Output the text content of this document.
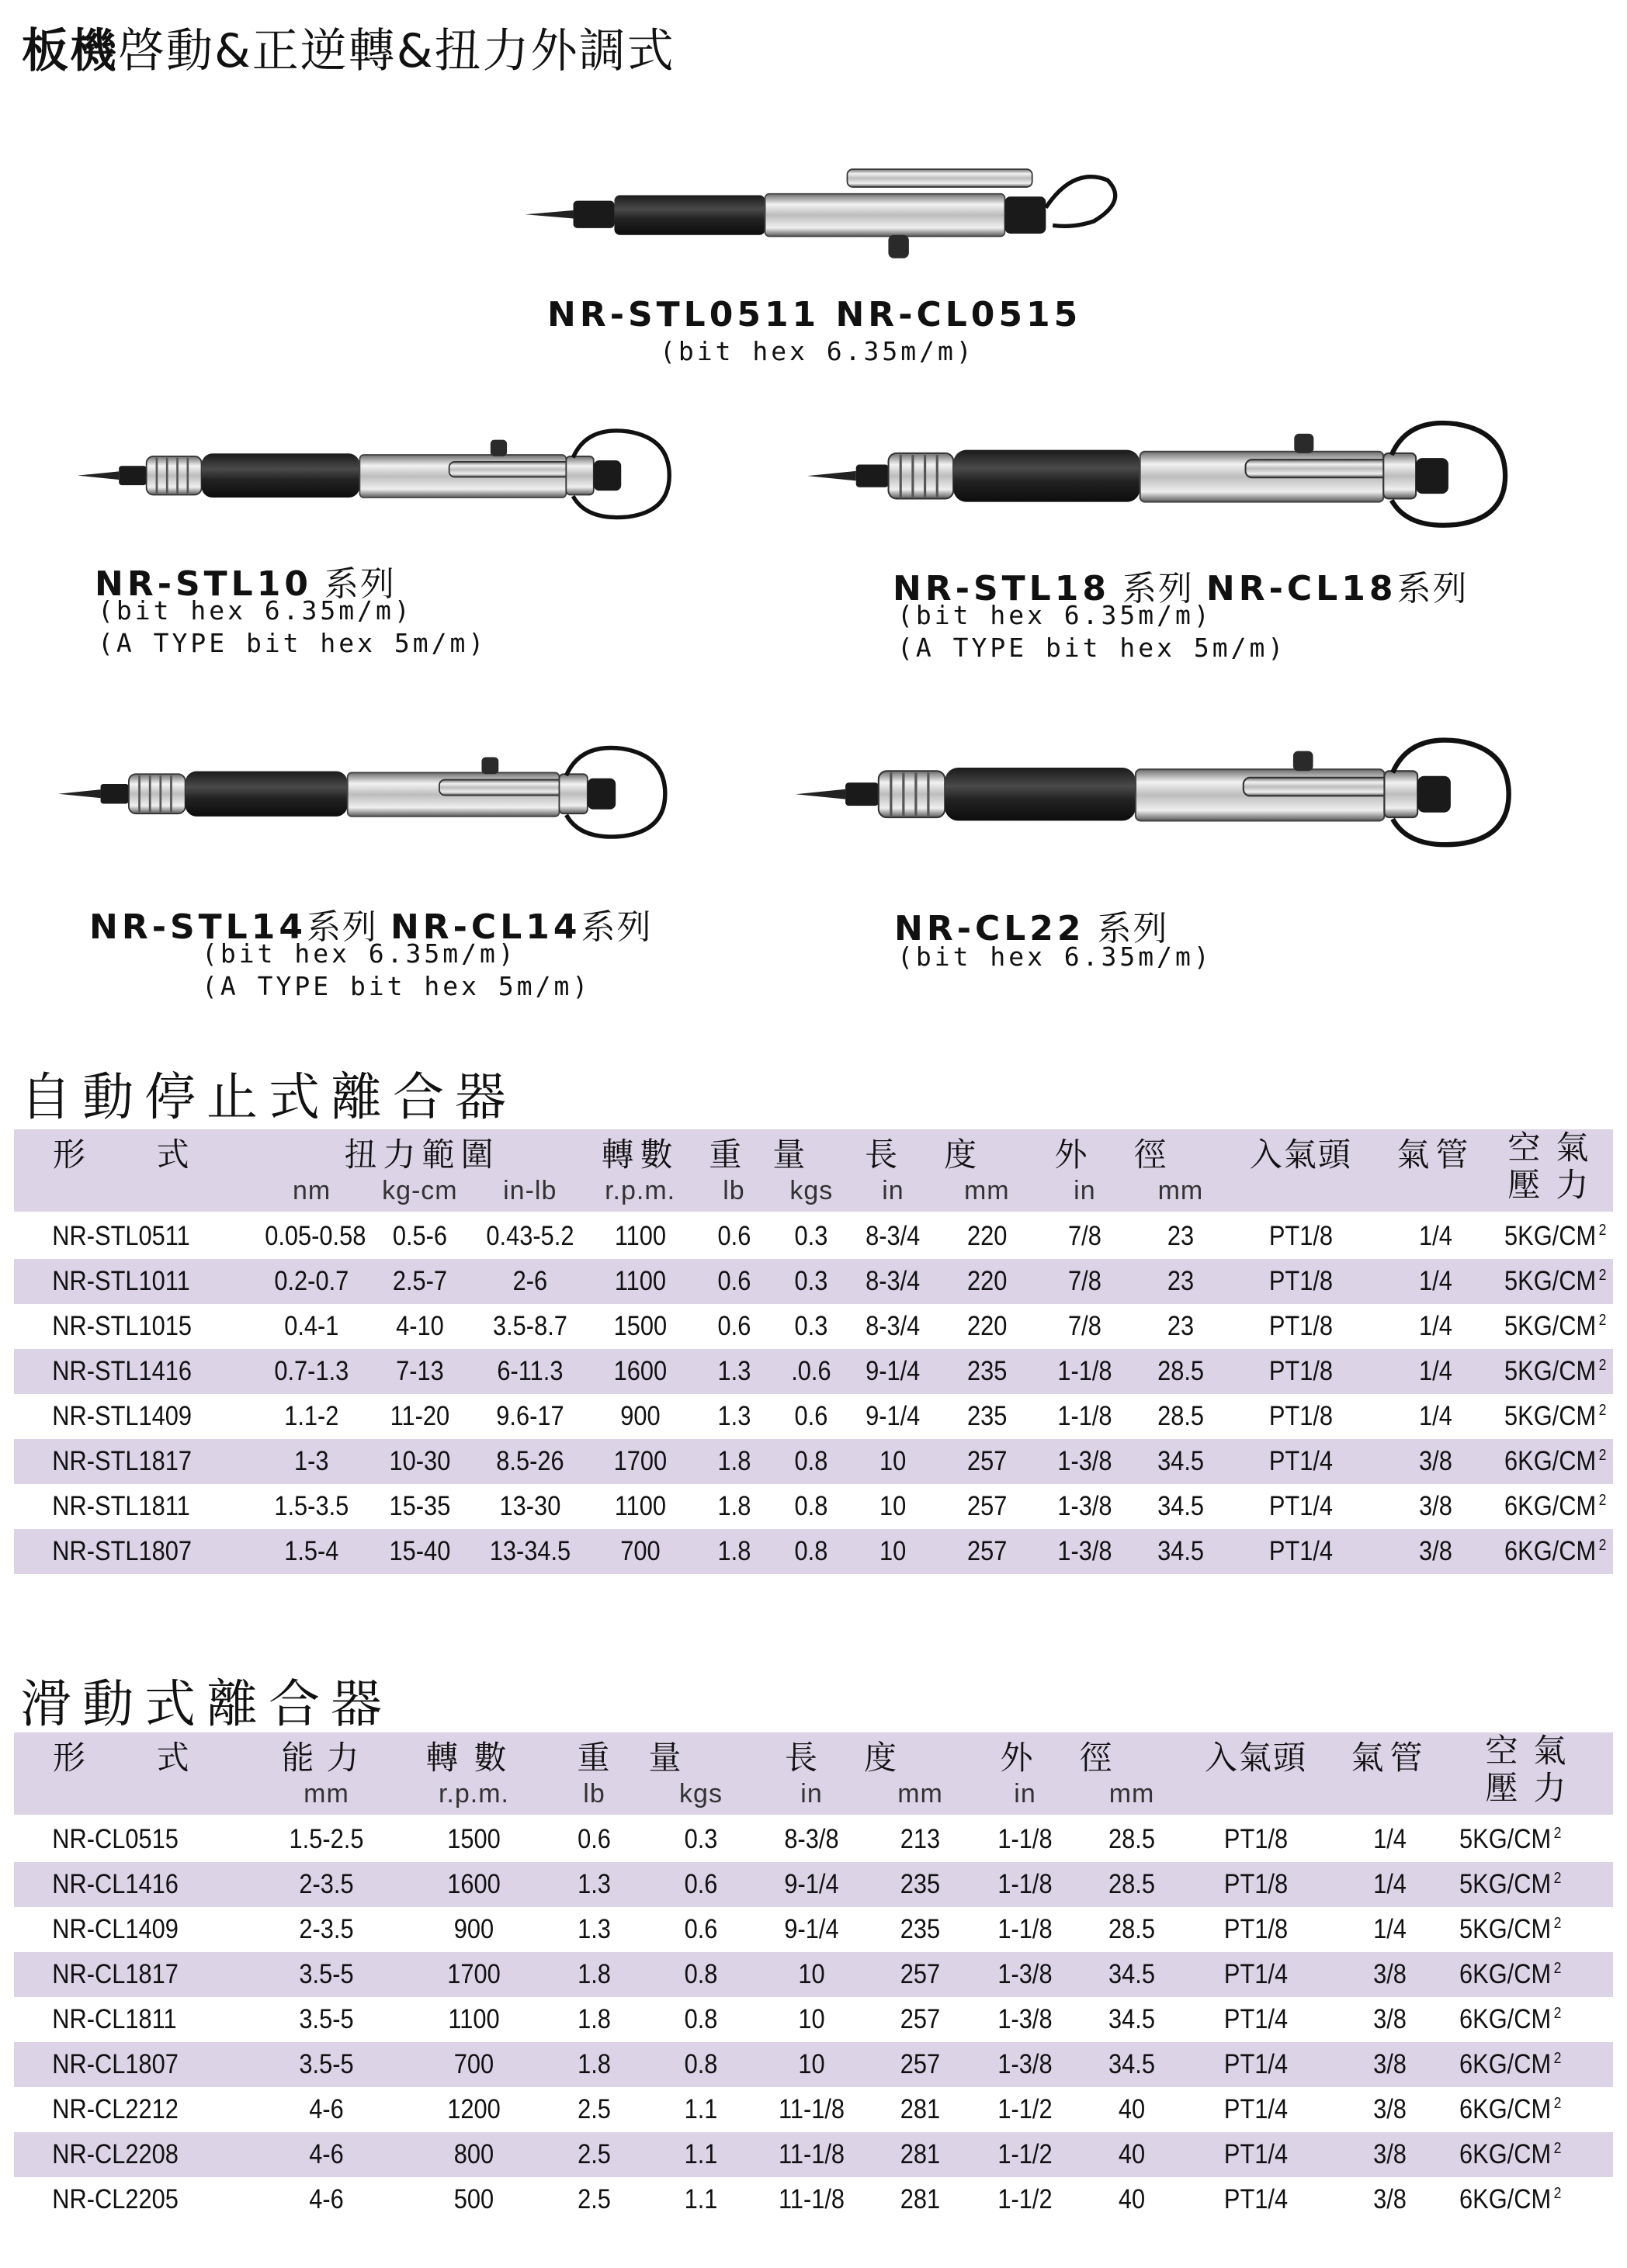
板機啓動&正逆轉&扭力外調式
NR-STL0511 NR-CL0515
(bit hex 6.35m/m)
NR-STL10 系列
(bit hex 6.35m/m)
(A TYPE bit hex 5m/m)
NR-STL18 系列 NR-CL18系列
(bit hex 6.35m/m)
(A TYPE bit hex 5m/m)
NR-STL14系列 NR-CL14系列
(bit hex 6.35m/m)
(A TYPE bit hex 5m/m)
NR-CL22 系列
(bit hex 6.35m/m)
自動停止式離合器
形 式	扭力範圍			轉數	重量		長度		外徑		入氣頭	氣管	空氣
壓力

	nm	kg-cm	in-lb	r.p.m.	lb	kgs	in	mm	in	mm			
NR-STL0511	0.05-0.58	0.5-6	0.43-5.2	1100	0.6	0.3	8-3/4	220	7/8	23	PT1/8	1/4	5KG/CM $^2$
NR-STL1011	0.2-0.7	2.5-7	2-6	1100	0.6	0.3	8-3/4	220	7/8	23	PT1/8	1/4	5KG/CM $^2$
NR-STL1015	0.4-1	4-10	3.5-8.7	1500	0.6	0.3	8-3/4	220	7/8	23	PT1/8	1/4	5KG/CM $^2$
NR-STL1416	0.7-1.3	7-13	6-11.3	1600	1.3	.0.6	9-1/4	235	1-1/8	28.5	PT1/8	1/4	5KG/CM $^2$
NR-STL1409	1.1-2	11-20	9.6-17	900	1.3	0.6	9-1/4	235	1-1/8	28.5	PT1/8	1/4	5KG/CM $^2$
NR-STL1817	1-3	10-30	8.5-26	1700	1.8	0.8	10	257	1-3/8	34.5	PT1/4	3/8	6KG/CM $^2$
NR-STL1811	1.5-3.5	15-35	13-30	1100	1.8	0.8	10	257	1-3/8	34.5	PT1/4	3/8	6KG/CM $^2$
NR-STL1807	1.5-4	15-40	13-34.5	700	1.8	0.8	10	257	1-3/8	34.5	PT1/4	3/8	6KG/CM $^2$
滑動式離合器
形 式	能力	轉數	重量		長度		外徑		入氣頭	氣管	空氣
壓力

	mm	r.p.m.	lb	kgs	in	mm	in	mm			
NR-CL0515	1.5-2.5	1500	0.6	0.3	8-3/8	213	1-1/8	28.5	PT1/8	1/4	5KG/CM $^2$
NR-CL1416	2-3.5	1600	1.3	0.6	9-1/4	235	1-1/8	28.5	PT1/8	1/4	5KG/CM $^2$
NR-CL1409	2-3.5	900	1.3	0.6	9-1/4	235	1-1/8	28.5	PT1/8	1/4	5KG/CM $^2$
NR-CL1817	3.5-5	1700	1.8	0.8	10	257	1-3/8	34.5	PT1/4	3/8	6KG/CM $^2$
NR-CL1811	3.5-5	1100	1.8	0.8	10	257	1-3/8	34.5	PT1/4	3/8	6KG/CM $^2$
NR-CL1807	3.5-5	700	1.8	0.8	10	257	1-3/8	34.5	PT1/4	3/8	6KG/CM $^2$
NR-CL2212	4-6	1200	2.5	1.1	11-1/8	281	1-1/2	40	PT1/4	3/8	6KG/CM $^2$
NR-CL2208	4-6	800	2.5	1.1	11-1/8	281	1-1/2	40	PT1/4	3/8	6KG/CM $^2$
NR-CL2205	4-6	500	2.5	1.1	11-1/8	281	1-1/2	40	PT1/4	3/8	6KG/CM $^2$
